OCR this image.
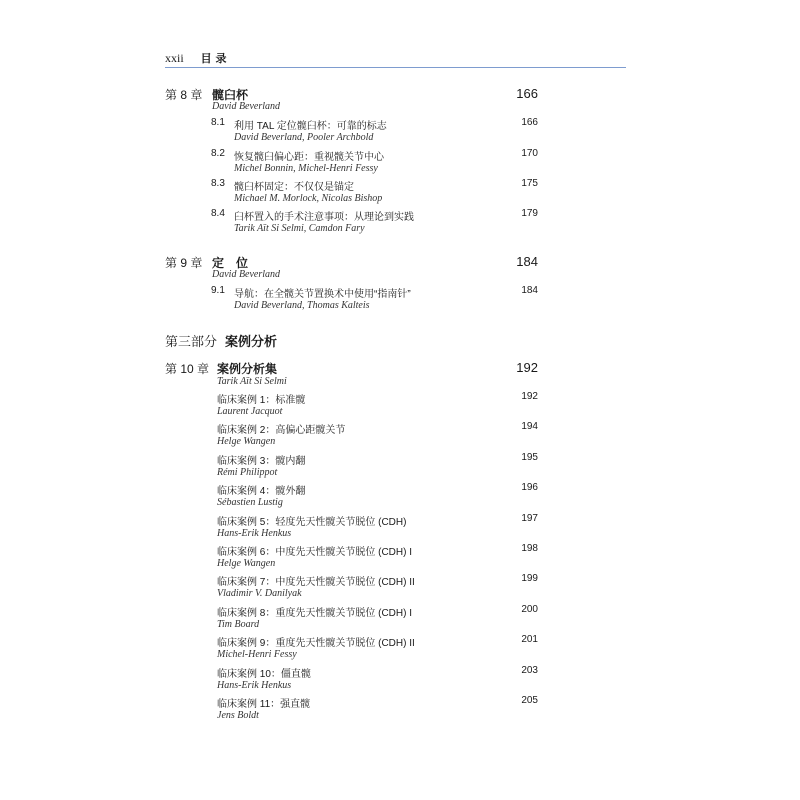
xxii 目 录
第 8 章 髋臼杯	166
David Beverland
8.1 利用 TAL 定位髋臼杯：可靠的标志	166
David Beverland, Pooler Archbold
8.2 恢复髋臼偏心距：重视髋关节中心	170
Michel Bonnin, Michel-Henri Fessy
8.3 髋臼杯固定：不仅仅是锚定	175
Michael M. Morlock, Nicolas Bishop
8.4 臼杯置入的手术注意事项：从理论到实践	179
Tarik Aït Si Selmi, Camdon Fary
第 9 章 定位	184
David Beverland
9.1 导航：在全髋关节置换术中使用“指南针”	184
David Beverland, Thomas Kalteis
第三部分 案例分析
第 10 章 案例分析集	192
Tarik Aït Si Selmi
临床案例 1：标准髋	192
Laurent Jacquot
临床案例 2：高偏心距髋关节	194
Helge Wangen
临床案例 3：髋内翻	195
Rémi Philippot
临床案例 4：髋外翻	196
Sébastien Lustig
临床案例 5：轻度先天性髋关节脱位 (CDH)	197
Hans-Erik Henkus
临床案例 6：中度先天性髋关节脱位 (CDH) I	198
Helge Wangen
临床案例 7：中度先天性髋关节脱位 (CDH) II	199
Vladimir V. Danilyak
临床案例 8：重度先天性髋关节脱位 (CDH) I	200
Tim Board
临床案例 9：重度先天性髋关节脱位 (CDH) II	201
Michel-Henri Fessy
临床案例 10：僵直髋	203
Hans-Erik Henkus
临床案例 11：强直髋	205
Jens Boldt
